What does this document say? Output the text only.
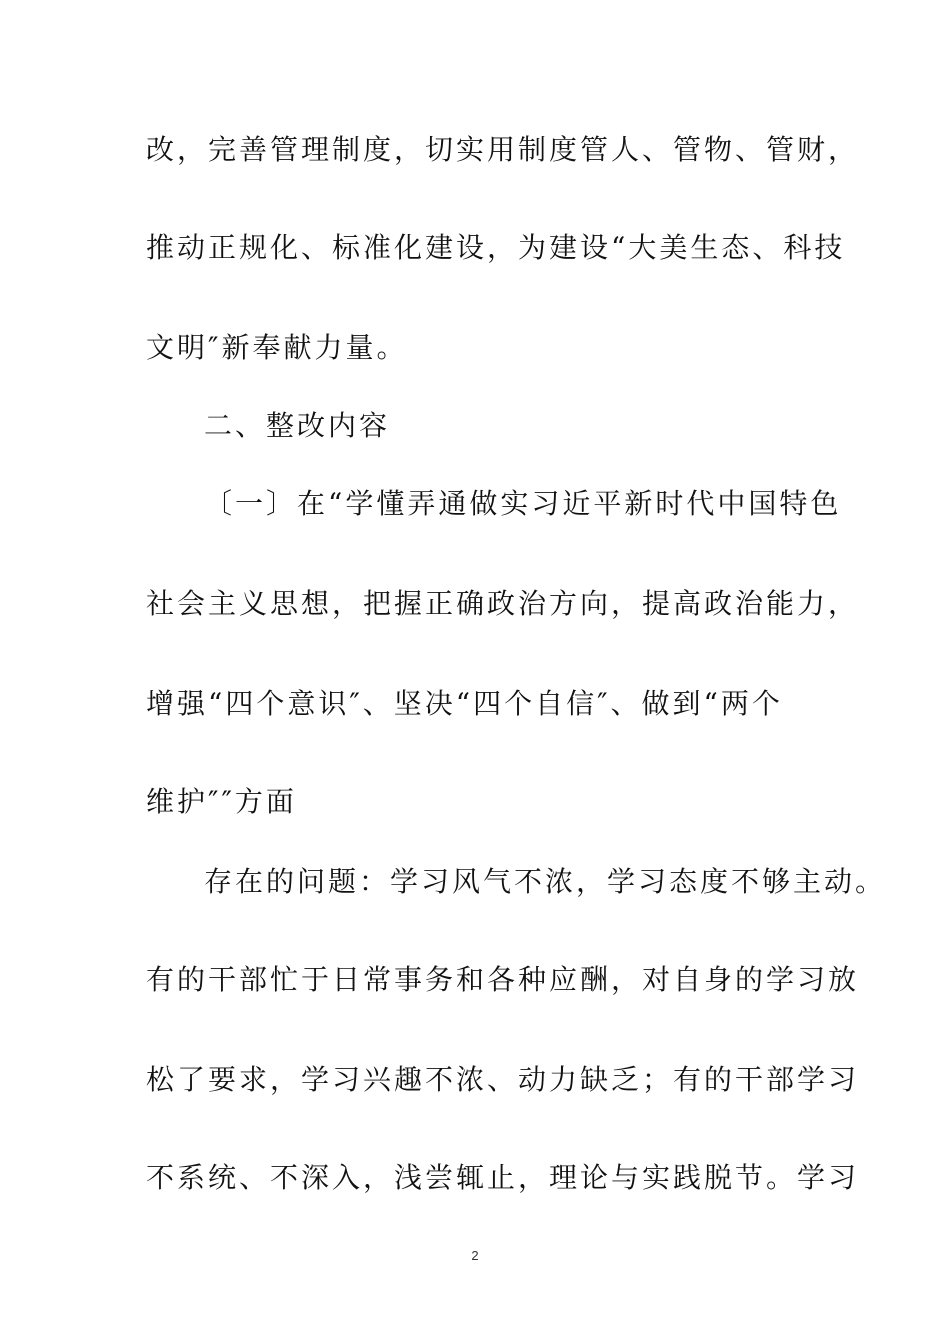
改，完善管理制度，切实用制度管人、管物、管财，
推动正规化、标准化建设，为建设“大美生态、科技
文明″新奉献力量。
二、整改内容
〔一〕在“学懂弄通做实习近平新时代中国特色
社会主义思想，把握正确政治方向，提高政治能力，
增强“四个意识″、坚决“四个自信″、做到“两个
维护″″方面
存在的问题：学习风气不浓，学习态度不够主动。
有的干部忙于日常事务和各种应酬，对自身的学习放
松了要求，学习兴趣不浓、动力缺乏；有的干部学习
不系统、不深入，浅尝辄止，理论与实践脱节。学习
2
